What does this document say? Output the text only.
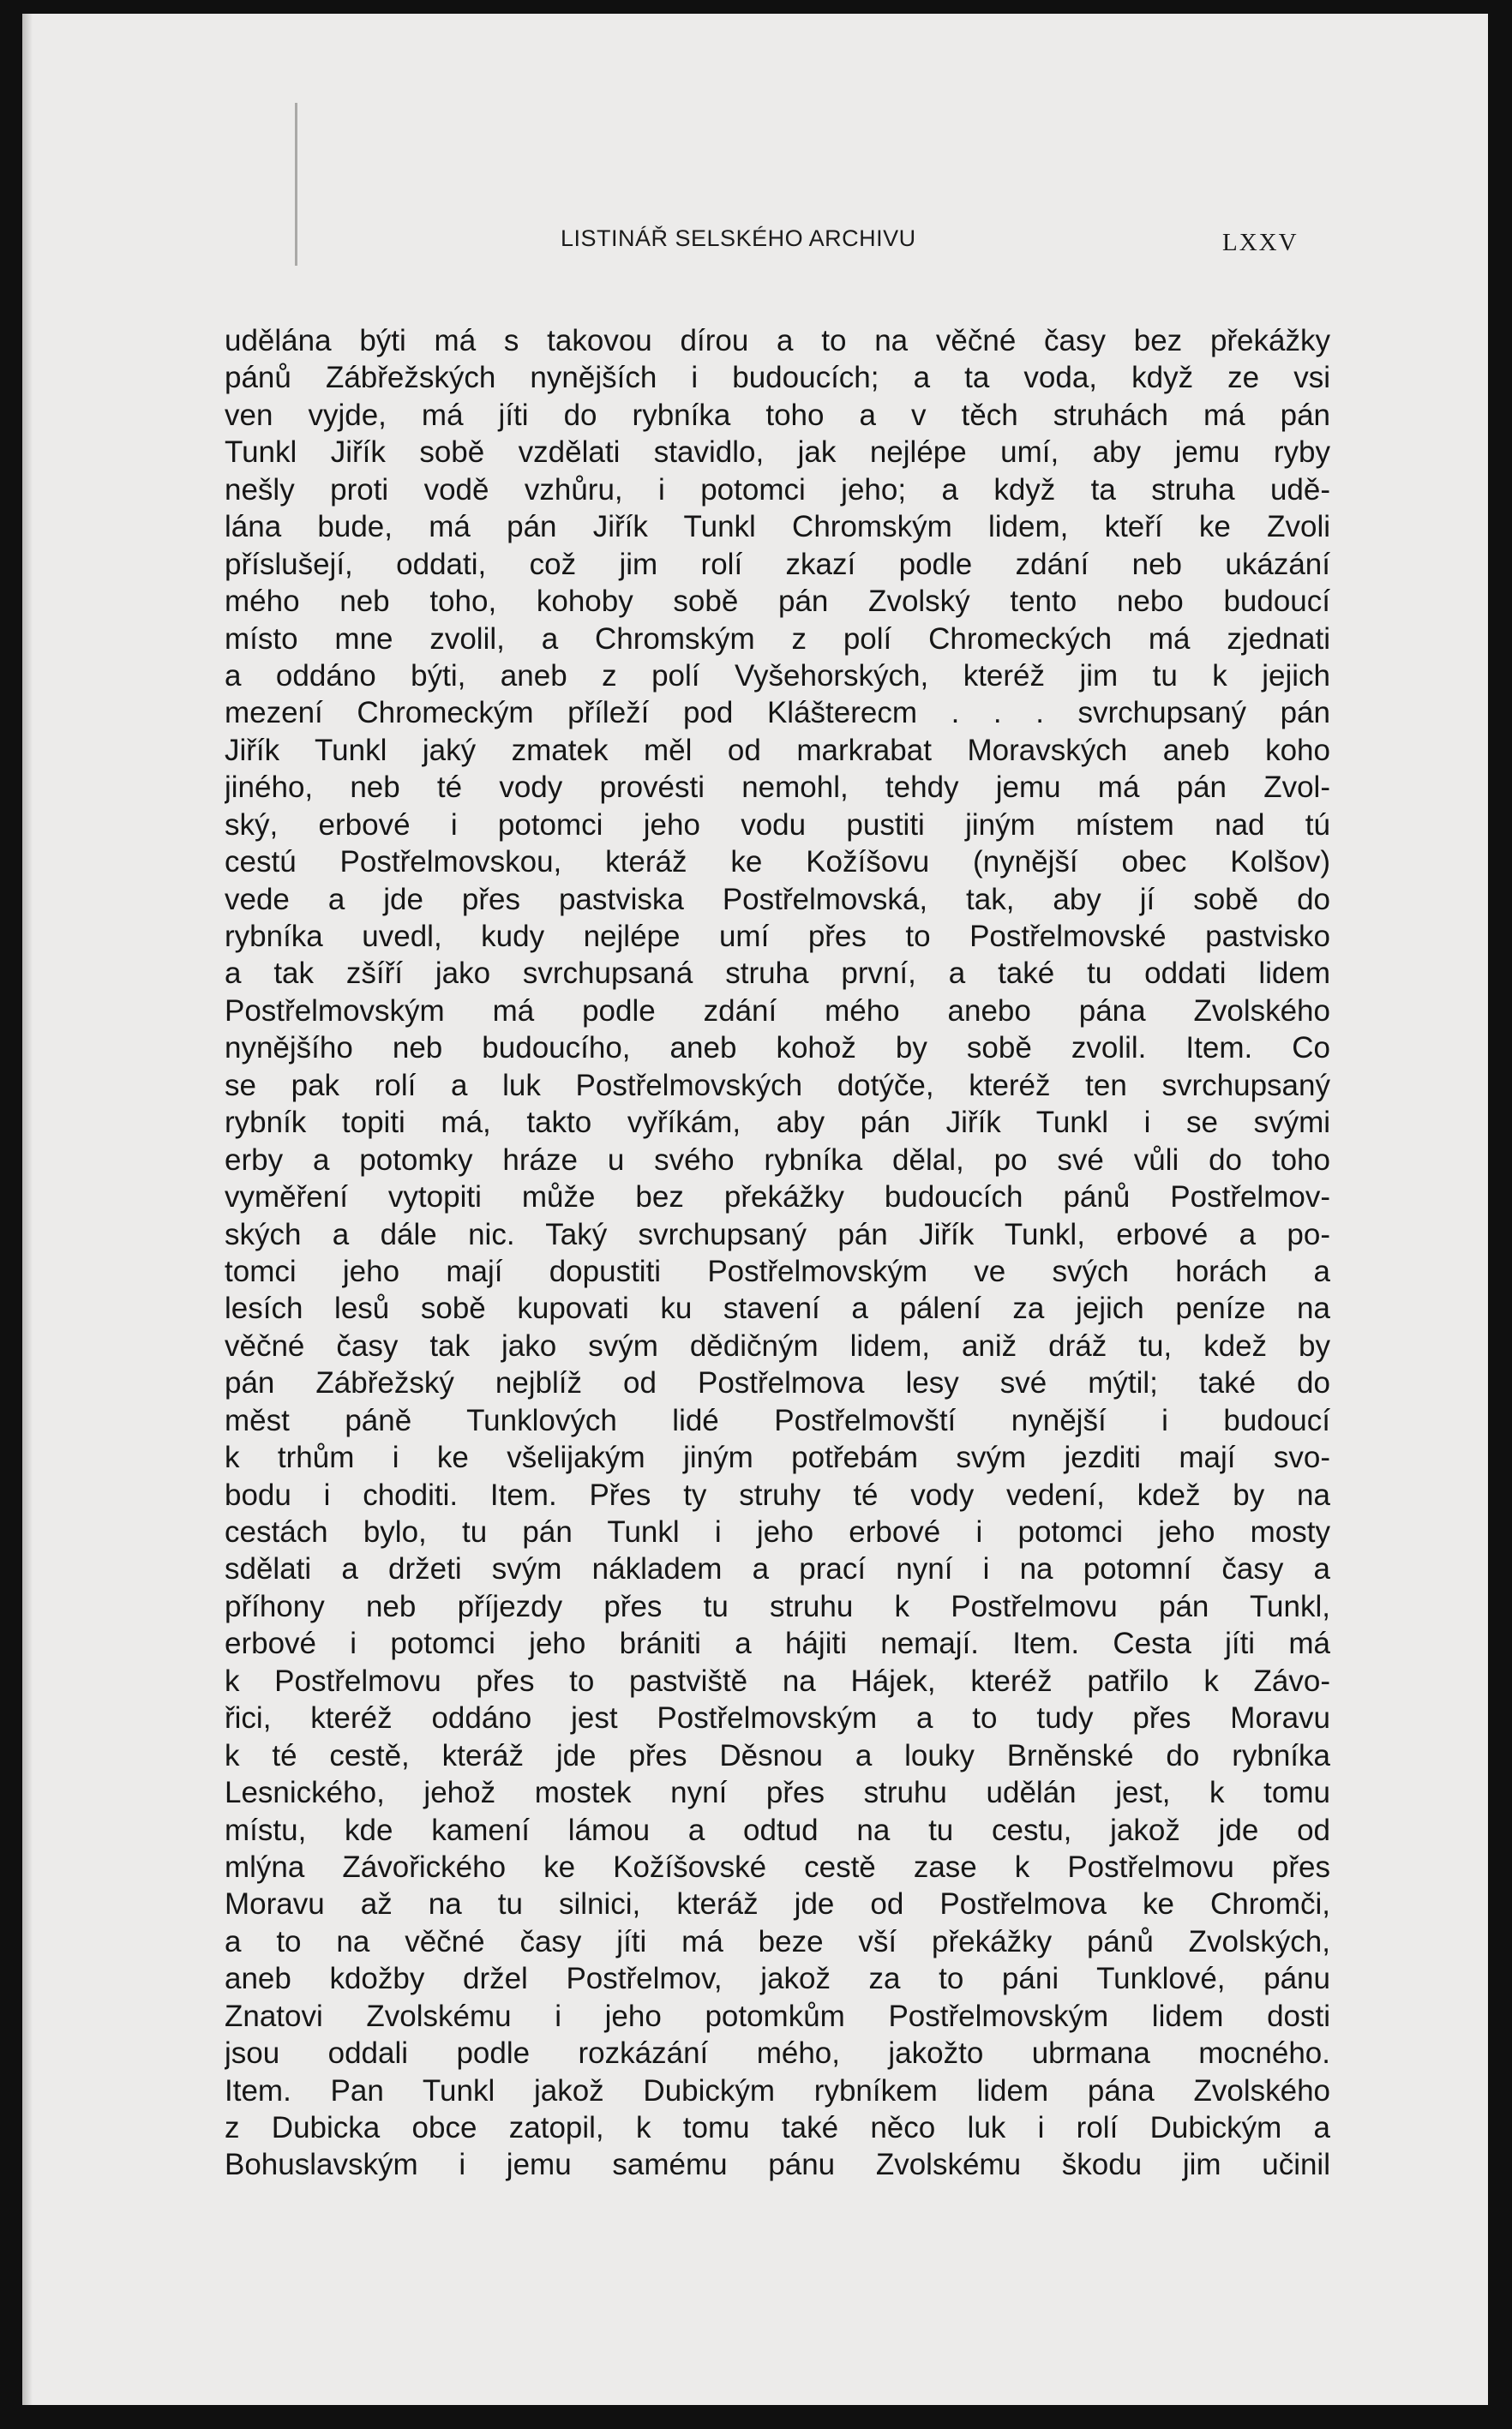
LISTINÁŘ SELSKÉHO ARCHIVU	LXXV
udělána býti má s takovou dírou a to na věčné časy bez překážky
pánů Zábřežských nynějších i budoucích; a ta voda, když ze vsi
ven vyjde, má jíti do rybníka toho a v těch struhách má pán
Tunkl Jiřík sobě vzdělati stavidlo, jak nejlépe umí, aby jemu ryby
nešly proti vodě vzhůru, i potomci jeho; a když ta struha udě-
lána bude, má pán Jiřík Tunkl Chromským lidem, kteří ke Zvoli
příslušejí, oddati, což jim rolí zkazí podle zdání neb ukázání
mého neb toho, kohoby sobě pán Zvolský tento nebo budoucí
místo mne zvolil, a Chromským z polí Chromeckých má zjednati
a oddáno býti, aneb z polí Vyšehorských, kteréž jim tu k jejich
mezení Chromeckým příleží pod Klášterecm . . . svrchupsaný pán
Jiřík Tunkl jaký zmatek měl od markrabat Moravských aneb koho
jiného, neb té vody provésti nemohl, tehdy jemu má pán Zvol-
ský, erbové i potomci jeho vodu pustiti jiným místem nad tú
cestú Postřelmovskou, kteráž ke Kožíšovu (nynější obec Kolšov)
vede a jde přes pastviska Postřelmovská, tak, aby jí sobě do
rybníka uvedl, kudy nejlépe umí přes to Postřelmovské pastvisko
a tak zšíří jako svrchupsaná struha první, a také tu oddati lidem
Postřelmovským má podle zdání mého anebo pána Zvolského
nynějšího neb budoucího, aneb kohož by sobě zvolil. Item. Co
se pak rolí a luk Postřelmovských dotýče, kteréž ten svrchupsaný
rybník topiti má, takto vyříkám, aby pán Jiřík Tunkl i se svými
erby a potomky hráze u svého rybníka dělal, po své vůli do toho
vyměření vytopiti může bez překážky budoucích pánů Postřelmov-
ských a dále nic. Taký svrchupsaný pán Jiřík Tunkl, erbové a po-
tomci jeho mají dopustiti Postřelmovským ve svých horách a
lesích lesů sobě kupovati ku stavení a pálení za jejich peníze na
věčné časy tak jako svým dědičným lidem, aniž dráž tu, kdež by
pán Zábřežský nejblíž od Postřelmova lesy své mýtil; také do
měst páně Tunklových lidé Postřelmovští nynější i budoucí
k trhům i ke všelijakým jiným potřebám svým jezditi mají svo-
bodu i choditi. Item. Přes ty struhy té vody vedení, kdež by na
cestách bylo, tu pán Tunkl i jeho erbové i potomci jeho mosty
sdělati a držeti svým nákladem a prací nyní i na potomní časy a
příhony neb příjezdy přes tu struhu k Postřelmovu pán Tunkl,
erbové i potomci jeho brániti a hájiti nemají. Item. Cesta jíti má
k Postřelmovu přes to pastviště na Hájek, kteréž patřilo k Závo-
řici, kteréž oddáno jest Postřelmovským a to tudy přes Moravu
k té cestě, kteráž jde přes Děsnou a louky Brněnské do rybníka
Lesnického, jehož mostek nyní přes struhu udělán jest, k tomu
místu, kde kamení lámou a odtud na tu cestu, jakož jde od
mlýna Závořického ke Kožíšovské cestě zase k Postřelmovu přes
Moravu až na tu silnici, kteráž jde od Postřelmova ke Chromči,
a to na věčné časy jíti má beze vší překážky pánů Zvolských,
aneb kdožby držel Postřelmov, jakož za to páni Tunklové, pánu
Znatovi Zvolskému i jeho potomkům Postřelmovským lidem dosti
jsou oddali podle rozkázání mého, jakožto ubrmana mocného.
Item. Pan Tunkl jakož Dubickým rybníkem lidem pána Zvolského
z Dubicka obce zatopil, k tomu také něco luk i rolí Dubickým a
Bohuslavským i jemu samému pánu Zvolskému škodu jim učinil
